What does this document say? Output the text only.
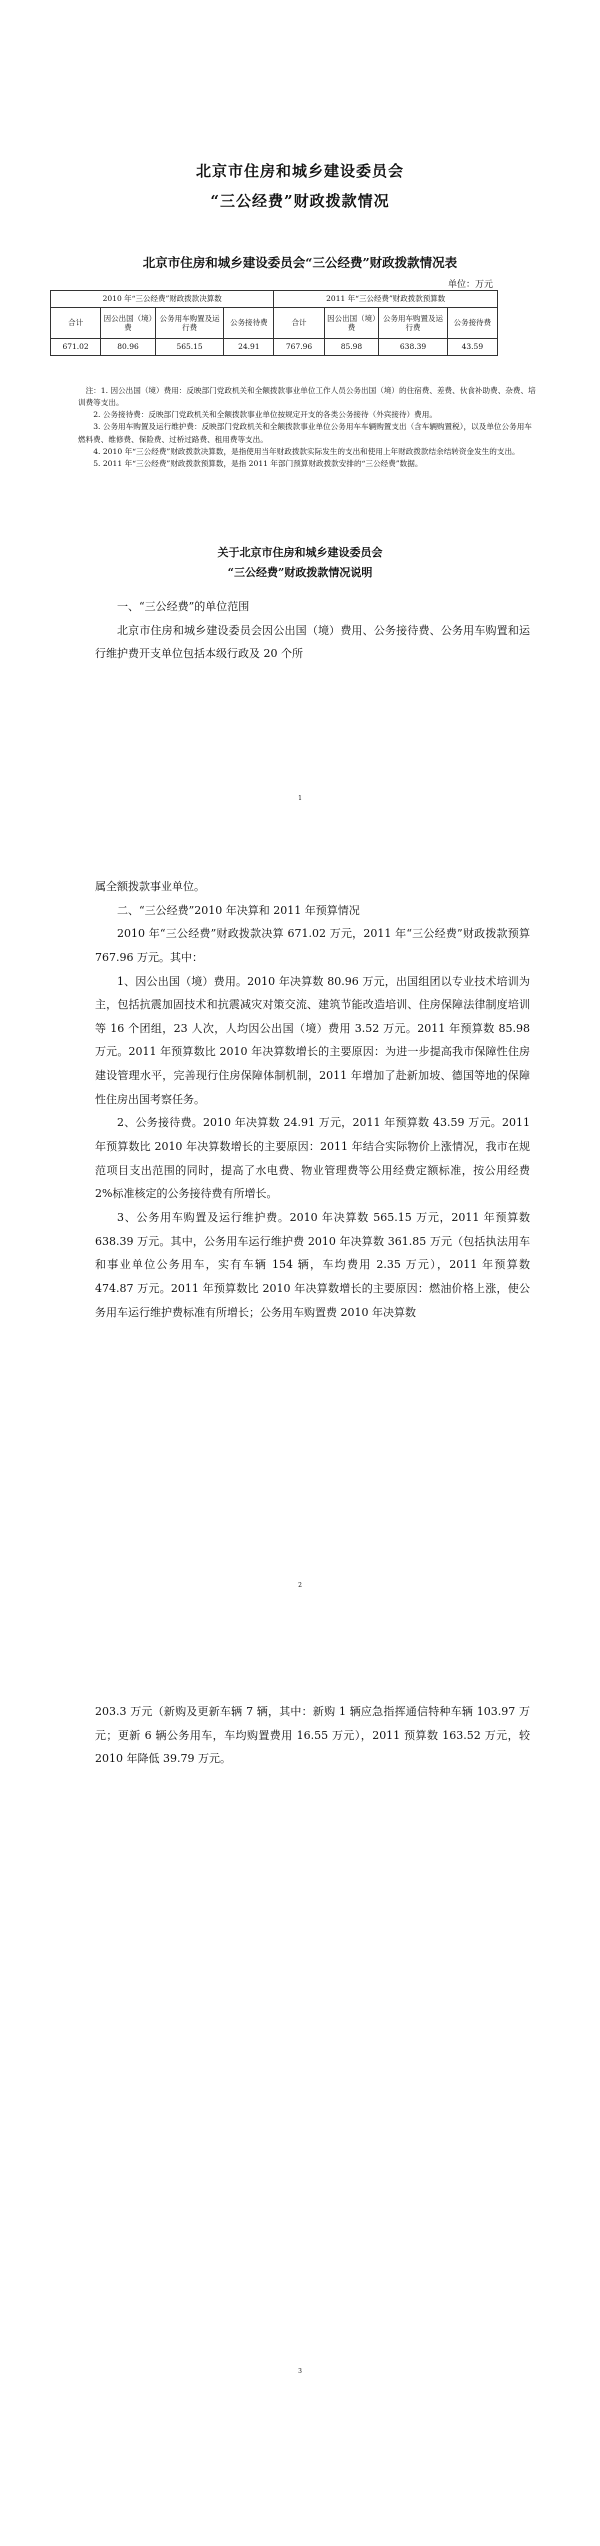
北京市住房和城乡建设委员会
“三公经费”财政拨款情况
北京市住房和城乡建设委员会“三公经费”财政拨款情况表
单位：万元
2010 年“三公经费”财政拨款决算数				2011 年“三公经费”财政拨款预算数			
合计	因公出国（境）费	公务用车购置及运行费	公务接待费	合计	因公出国（境）费	公务用车购置及运行费	公务接待费
671.02	80.96	565.15	24.91	767.96	85.98	638.39	43.59

注：1. 因公出国（境）费用：反映部门党政机关和全额拨款事业单位工作人员公务出国（境）的住宿费、差费、伙食补助费、杂费、培训费等支出。

2. 公务接待费：反映部门党政机关和全额拨款事业单位按规定开支的各类公务接待（外宾接待）费用。

3. 公务用车购置及运行维护费：反映部门党政机关和全额拨款事业单位公务用车车辆购置支出（含车辆购置税），以及单位公务用车燃料费、维修费、保险费、过桥过路费、租用费等支出。

4. 2010 年“三公经费”财政拨款决算数，是指使用当年财政拨款实际发生的支出和使用上年财政拨款结余结转资金发生的支出。

5. 2011 年“三公经费”财政拨款预算数，是指 2011 年部门预算财政拨款安排的“三公经费”数据。

关于北京市住房和城乡建设委员会
“三公经费”财政拨款情况说明

一、“三公经费”的单位范围

北京市住房和城乡建设委员会因公出国（境）费用、公务接待费、公务用车购置和运行维护费开支单位包括本级行政及 20 个所

1

属全额拨款事业单位。

二、“三公经费”2010 年决算和 2011 年预算情况

2010 年“三公经费”财政拨款决算 671.02 万元，2011 年“三公经费”财政拨款预算 767.96 万元。其中：

1、因公出国（境）费用。2010 年决算数 80.96 万元，出国组团以专业技术培训为主，包括抗震加固技术和抗震减灾对策交流、建筑节能改造培训、住房保障法律制度培训等 16 个团组，23 人次，人均因公出国（境）费用 3.52 万元。2011 年预算数 85.98 万元。2011 年预算数比 2010 年决算数增长的主要原因：为进一步提高我市保障性住房建设管理水平，完善现行住房保障体制机制，2011 年增加了赴新加坡、德国等地的保障性住房出国考察任务。

2、公务接待费。2010 年决算数 24.91 万元，2011 年预算数 43.59 万元。2011 年预算数比 2010 年决算数增长的主要原因：2011 年结合实际物价上涨情况，我市在规范项目支出范围的同时，提高了水电费、物业管理费等公用经费定额标准，按公用经费 2%标准核定的公务接待费有所增长。

3、公务用车购置及运行维护费。2010 年决算数 565.15 万元，2011 年预算数 638.39 万元。其中，公务用车运行维护费 2010 年决算数 361.85 万元（包括执法用车和事业单位公务用车，实有车辆 154 辆，车均费用 2.35 万元），2011 年预算数 474.87 万元。2011 年预算数比 2010 年决算数增长的主要原因：燃油价格上涨，使公务用车运行维护费标准有所增长；公务用车购置费 2010 年决算数

2

203.3 万元（新购及更新车辆 7 辆，其中：新购 1 辆应急指挥通信特种车辆 103.97 万元；更新 6 辆公务用车，车均购置费用 16.55 万元），2011 预算数 163.52 万元，较 2010 年降低 39.79 万元。

3
